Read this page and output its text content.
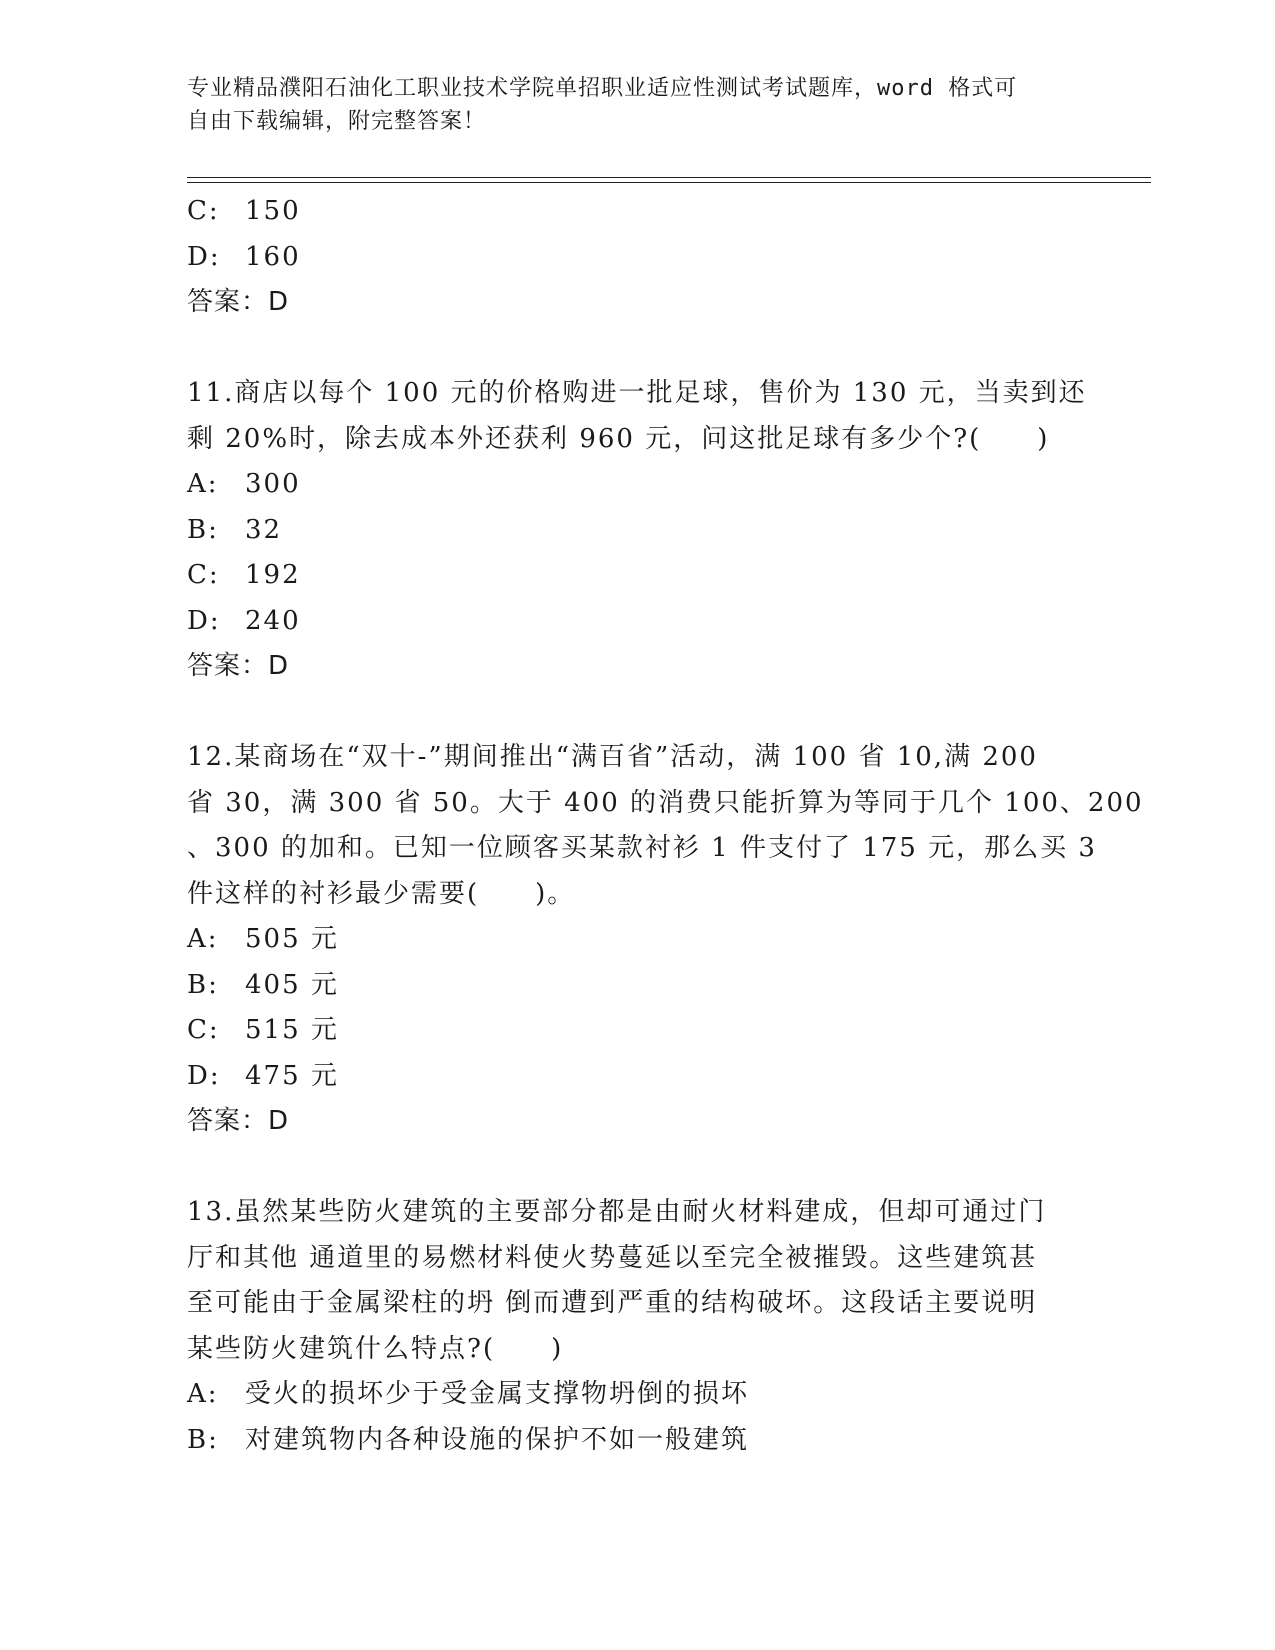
专业精品濮阳石油化工职业技术学院单招职业适应性测试考试题库，word 格式可
自由下载编辑，附完整答案！
C: 150
D: 160
答案：D
11.商店以每个 100 元的价格购进一批足球，售价为 130 元，当卖到还
剩 20%时，除去成本外还获利 960 元，问这批足球有多少个?(　　)
A: 300
B: 32
C: 192
D: 240
答案：D
12.某商场在“双十-”期间推出“满百省”活动，满 100 省 10,满 200
省 30，满 300 省 50。大于 400 的消费只能折算为等同于几个 100、200
、300 的加和。已知一位顾客买某款衬衫 1 件支付了 175 元，那么买 3
件这样的衬衫最少需要(　　)。
A: 505 元
B: 405 元
C: 515 元
D: 475 元
答案：D
13.虽然某些防火建筑的主要部分都是由耐火材料建成，但却可通过门
厅和其他 通道里的易燃材料使火势蔓延以至完全被摧毁。这些建筑甚
至可能由于金属梁柱的坍 倒而遭到严重的结构破坏。这段话主要说明
某些防火建筑什么特点?(　　)
A: 受火的损坏少于受金属支撑物坍倒的损坏
B: 对建筑物内各种设施的保护不如一般建筑
